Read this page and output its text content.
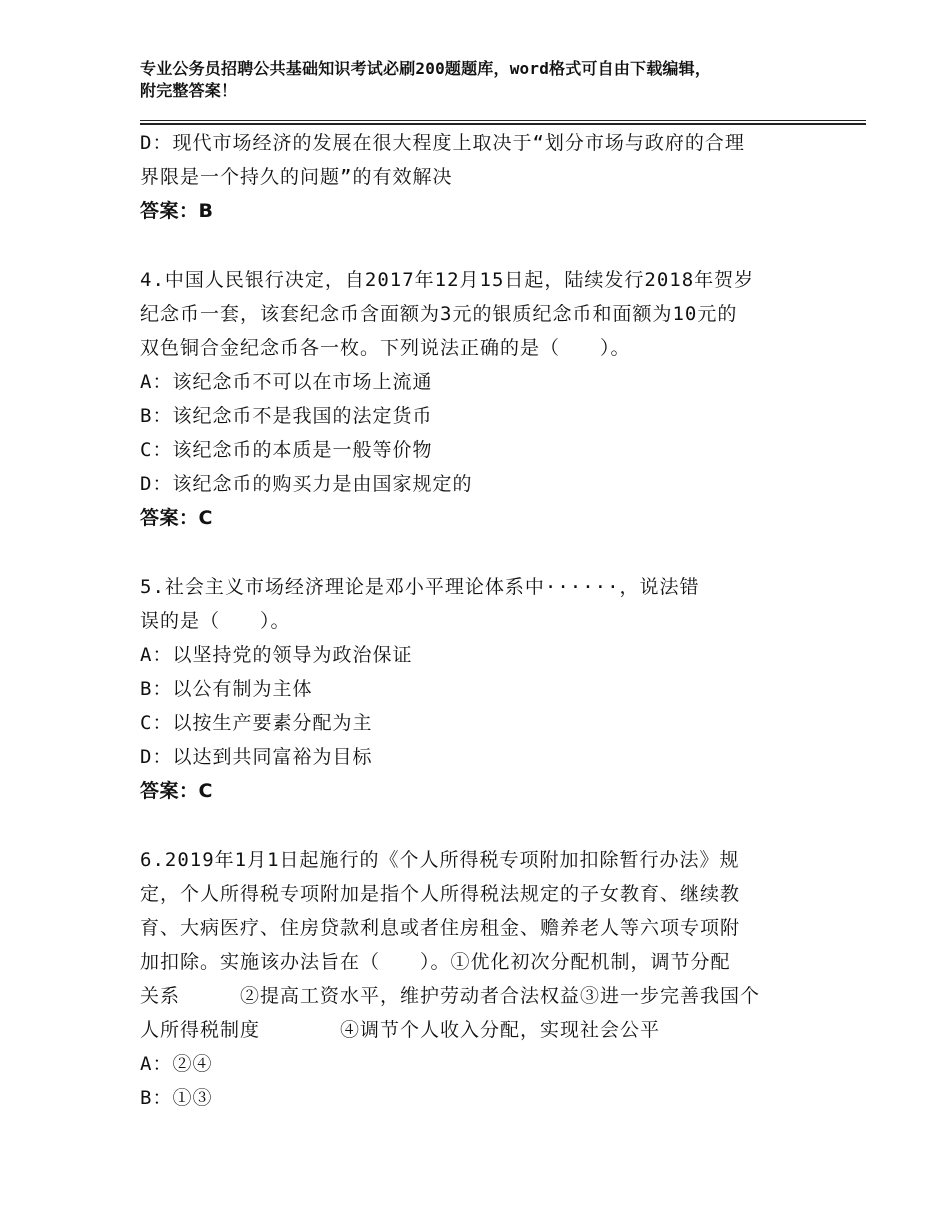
专业公务员招聘公共基础知识考试必刷200题题库，word格式可自由下载编辑，
附完整答案！
D：现代市场经济的发展在很大程度上取决于“划分市场与政府的合理
界限是一个持久的问题”的有效解决
答案：B
4.中国人民银行决定，自2017年12月15日起，陆续发行2018年贺岁
纪念币一套，该套纪念币含面额为3元的银质纪念币和面额为10元的
双色铜合金纪念币各一枚。下列说法正确的是（　　）。
A：该纪念币不可以在市场上流通
B：该纪念币不是我国的法定货币
C：该纪念币的本质是一般等价物
D：该纪念币的购买力是由国家规定的
答案：C
5.社会主义市场经济理论是邓小平理论体系中······，说法错
误的是（　　）。
A：以坚持党的领导为政治保证
B：以公有制为主体
C：以按生产要素分配为主
D：以达到共同富裕为目标
答案：C
6.2019年1月1日起施行的《个人所得税专项附加扣除暂行办法》规
定，个人所得税专项附加是指个人所得税法规定的子女教育、继续教
育、大病医疗、住房贷款利息或者住房租金、赡养老人等六项专项附
加扣除。实施该办法旨在（　　）。①优化初次分配机制，调节分配
关系　　　②提高工资水平，维护劳动者合法权益③进一步完善我国个
人所得税制度　　　　④调节个人收入分配，实现社会公平
A：②④
B：①③
